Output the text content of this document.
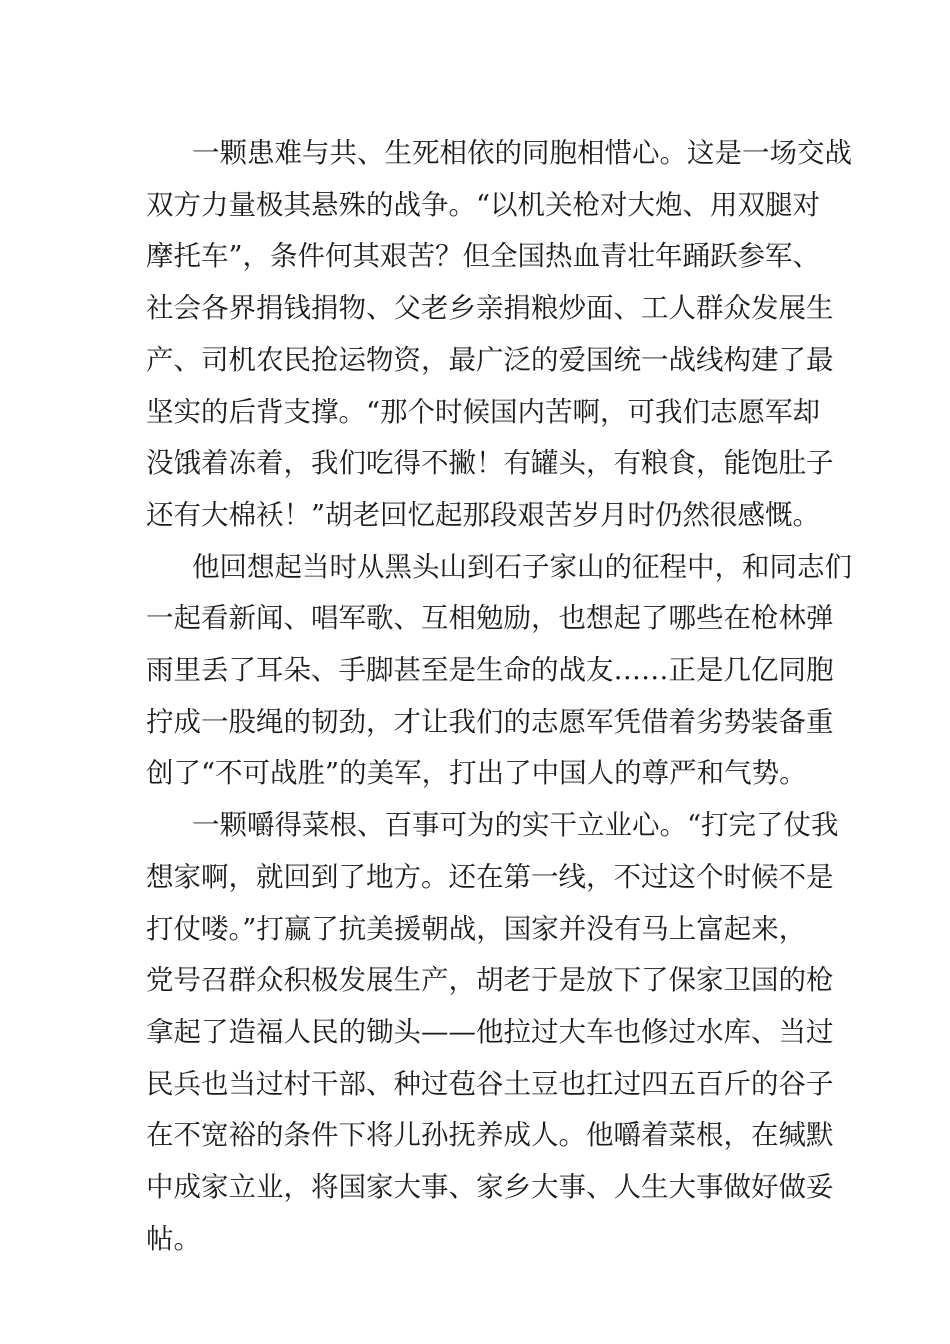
一颗患难与共、生死相依的同胞相惜心。这是一场交战
双方力量极其悬殊的战争。“以机关枪对大炮、用双腿对
摩托车”，条件何其艰苦？但全国热血青壮年踊跃参军、
社会各界捐钱捐物、父老乡亲捐粮炒面、工人群众发展生
产、司机农民抢运物资，最广泛的爱国统一战线构建了最
坚实的后背支撑。“那个时候国内苦啊，可我们志愿军却
没饿着冻着，我们吃得不撇！有罐头，有粮食，能饱肚子
还有大棉袄！”胡老回忆起那段艰苦岁月时仍然很感慨。
他回想起当时从黑头山到石子家山的征程中，和同志们
一起看新闻、唱军歌、互相勉励，也想起了哪些在枪林弹
雨里丢了耳朵、手脚甚至是生命的战友……正是几亿同胞
拧成一股绳的韧劲，才让我们的志愿军凭借着劣势装备重
创了“不可战胜”的美军，打出了中国人的尊严和气势。
一颗嚼得菜根、百事可为的实干立业心。“打完了仗我
想家啊，就回到了地方。还在第一线，不过这个时候不是
打仗喽。”打赢了抗美援朝战，国家并没有马上富起来，
党号召群众积极发展生产，胡老于是放下了保家卫国的枪
拿起了造福人民的锄头——他拉过大车也修过水库、当过
民兵也当过村干部、种过苞谷土豆也扛过四五百斤的谷子
在不宽裕的条件下将儿孙抚养成人。他嚼着菜根，在缄默
中成家立业，将国家大事、家乡大事、人生大事做好做妥
帖。
